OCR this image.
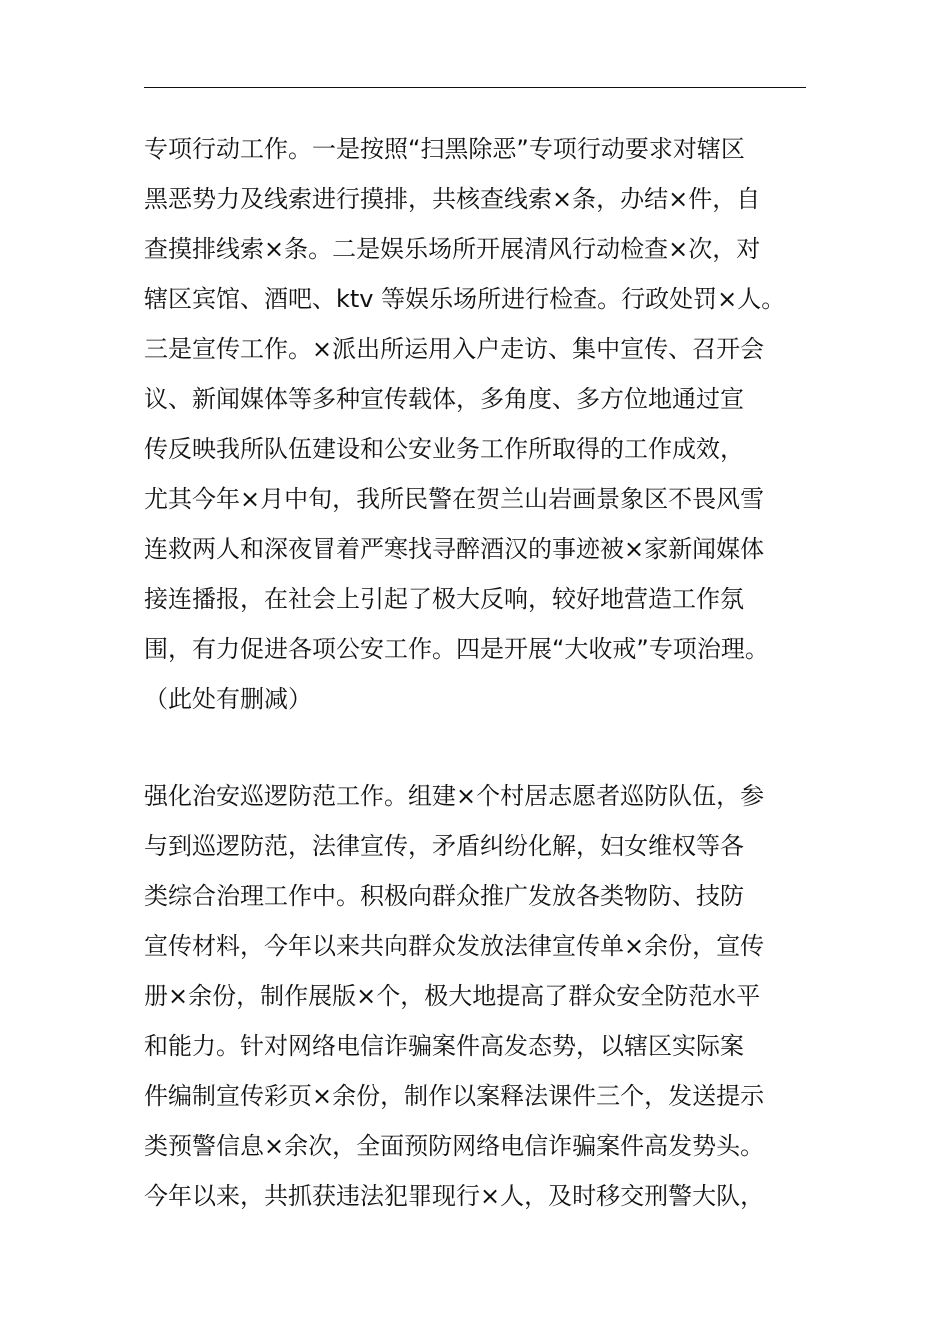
专项行动工作。一是按照“扫黑除恶”专项行动要求对辖区
黑恶势力及线索进行摸排，共核查线索×条，办结×件，自
查摸排线索×条。二是娱乐场所开展清风行动检查×次，对
辖区宾馆、酒吧、ktv 等娱乐场所进行检查。行政处罚×人。
三是宣传工作。×派出所运用入户走访、集中宣传、召开会
议、新闻媒体等多种宣传载体，多角度、多方位地通过宣
传反映我所队伍建设和公安业务工作所取得的工作成效，
尤其今年×月中旬，我所民警在贺兰山岩画景象区不畏风雪
连救两人和深夜冒着严寒找寻醉酒汉的事迹被×家新闻媒体
接连播报，在社会上引起了极大反响，较好地营造工作氛
围，有力促进各项公安工作。四是开展“大收戒”专项治理。
（此处有删减）
强化治安巡逻防范工作。组建×个村居志愿者巡防队伍，参
与到巡逻防范，法律宣传，矛盾纠纷化解，妇女维权等各
类综合治理工作中。积极向群众推广发放各类物防、技防
宣传材料，今年以来共向群众发放法律宣传单×余份，宣传
册×余份，制作展版×个，极大地提高了群众安全防范水平
和能力。针对网络电信诈骗案件高发态势，以辖区实际案
件编制宣传彩页×余份，制作以案释法课件三个，发送提示
类预警信息×余次，全面预防网络电信诈骗案件高发势头。
今年以来，共抓获违法犯罪现行×人，及时移交刑警大队，
